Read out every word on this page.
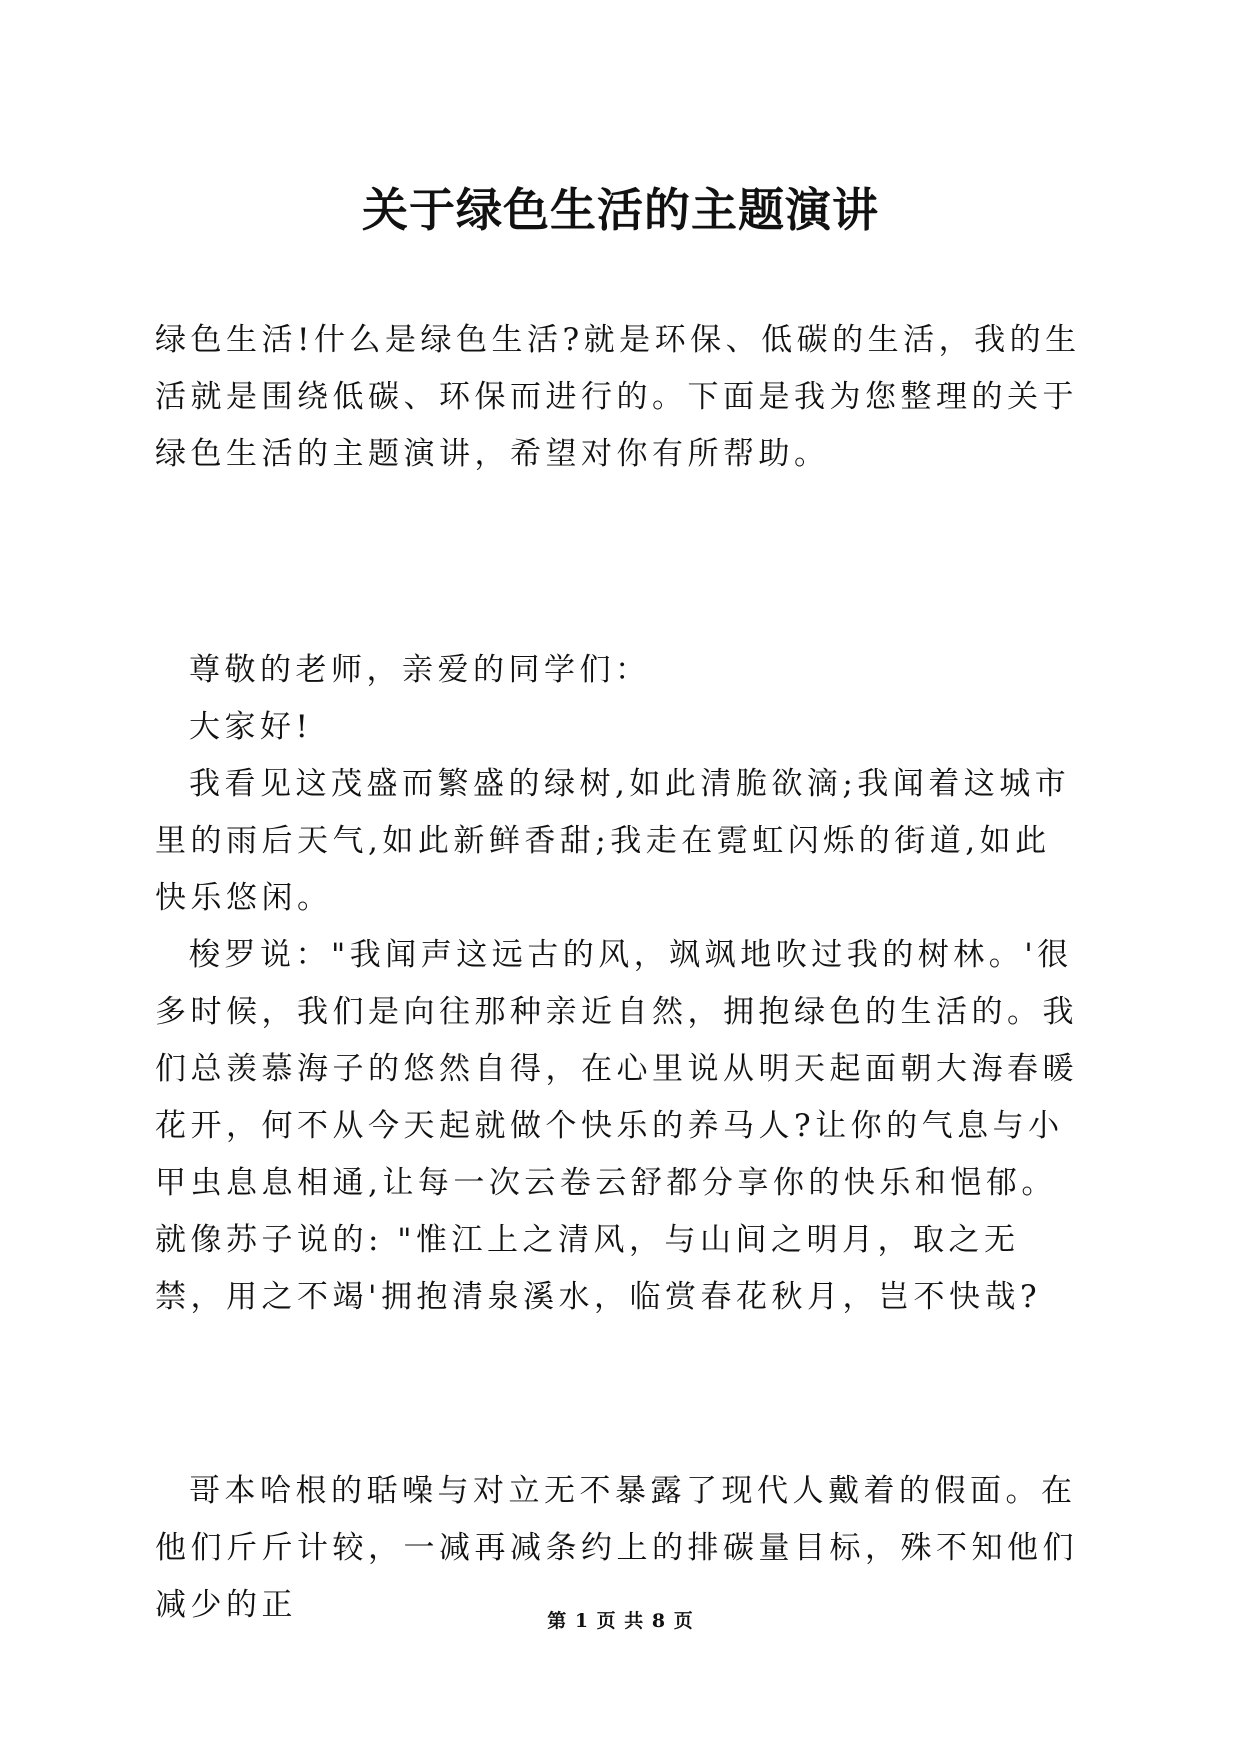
关于绿色生活的主题演讲

绿色生活!什么是绿色生活?就是环保、低碳的生活，我的生活就是围绕低碳、环保而进行的。下面是我为您整理的关于绿色生活的主题演讲，希望对你有所帮助。

尊敬的老师，亲爱的同学们：

大家好!

我看见这茂盛而繁盛的绿树,如此清脆欲滴;我闻着这城市里的雨后天气,如此新鲜香甜;我走在霓虹闪烁的街道,如此快乐悠闲。

梭罗说："我闻声这远古的风，飒飒地吹过我的树林。'很多时候，我们是向往那种亲近自然，拥抱绿色的生活的。我们总羡慕海子的悠然自得，在心里说从明天起面朝大海春暖花开，何不从今天起就做个快乐的养马人?让你的气息与小甲虫息息相通,让每一次云卷云舒都分享你的快乐和悒郁。就像苏子说的: "惟江上之清风，与山间之明月，取之无禁，用之不竭'拥抱清泉溪水，临赏春花秋月，岂不快哉?

哥本哈根的聒噪与对立无不暴露了现代人戴着的假面。在他们斤斤计较，一减再减条约上的排碳量目标，殊不知他们减少的正	第 1 页 共 8 页
